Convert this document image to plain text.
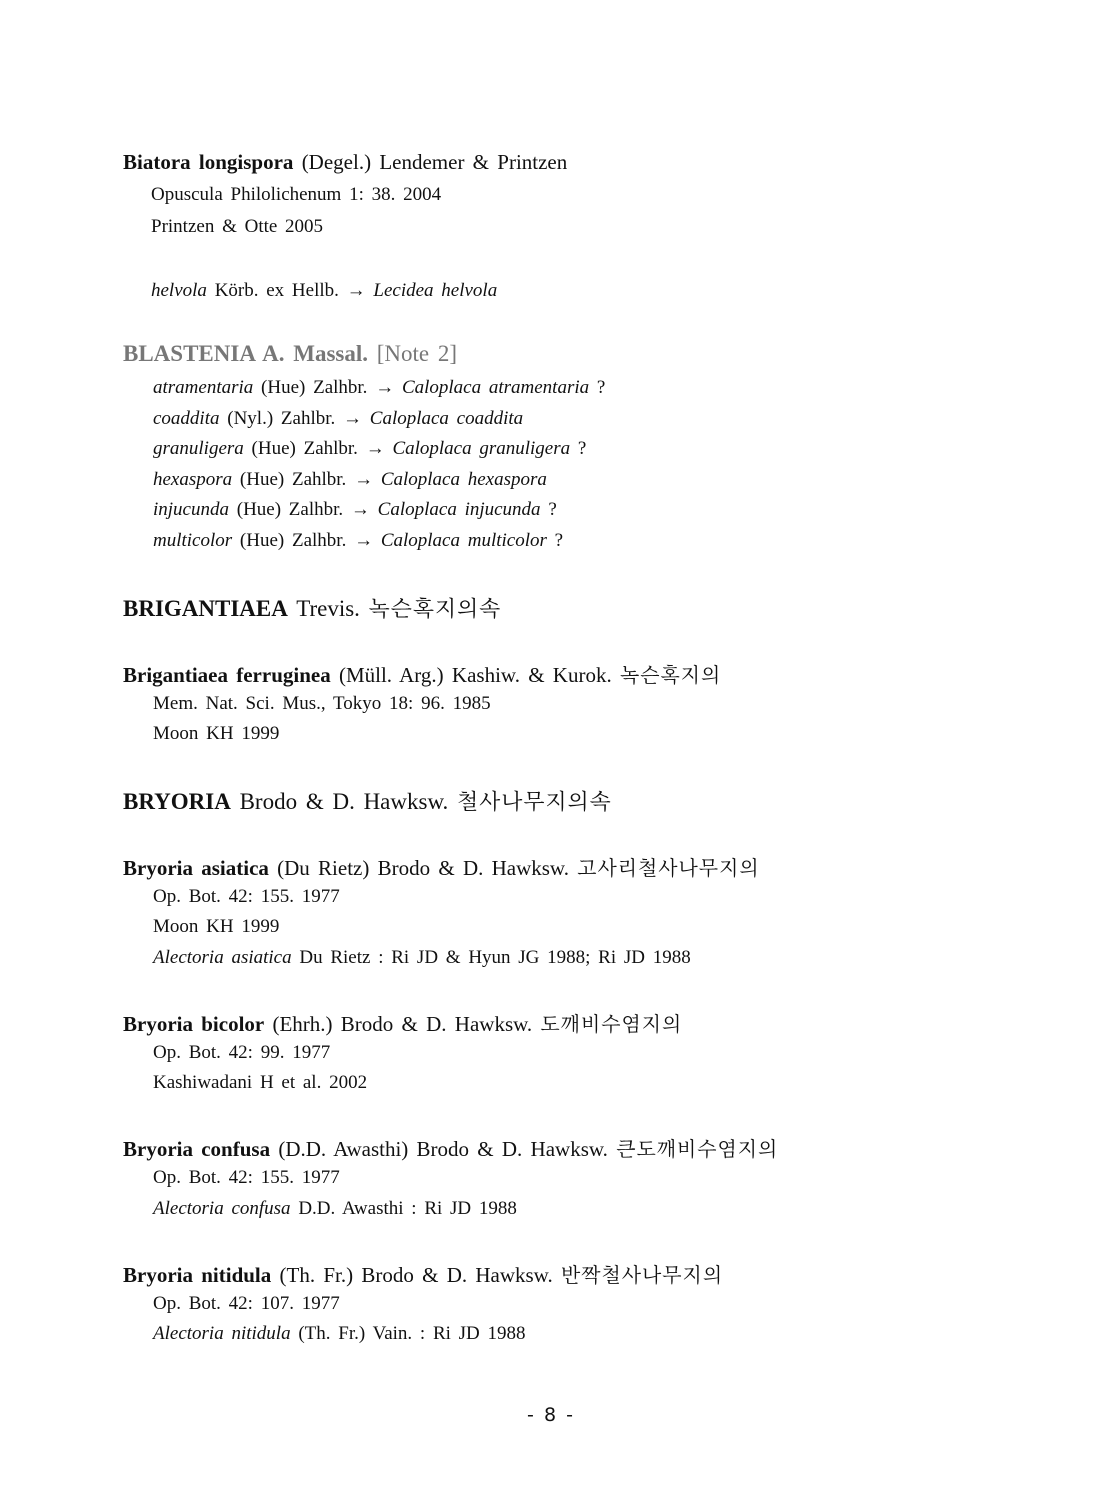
Biatora longispora (Degel.) Lendemer & Printzen
Opuscula Philolichenum 1: 38. 2004
Printzen & Otte 2005
helvola Körb. ex Hellb. → Lecidea helvola
BLASTENIA A. Massal. [Note 2]
atramentaria (Hue) Zalhbr. → Caloplaca atramentaria ?
coaddita (Nyl.) Zahlbr. → Caloplaca coaddita
granuligera (Hue) Zahlbr. → Caloplaca granuligera ?
hexaspora (Hue) Zahlbr. → Caloplaca hexaspora
injucunda (Hue) Zalhbr. → Caloplaca injucunda ?
multicolor (Hue) Zalhbr. → Caloplaca multicolor ?
BRIGANTIAEA Trevis. 녹슨혹지의속
Brigantiaea ferruginea (Müll. Arg.) Kashiw. & Kurok. 녹슨혹지의
Mem. Nat. Sci. Mus., Tokyo 18: 96. 1985
Moon KH 1999
BRYORIA Brodo & D. Hawksw. 철사나무지의속
Bryoria asiatica (Du Rietz) Brodo & D. Hawksw. 고사리철사나무지의
Op. Bot. 42: 155. 1977
Moon KH 1999
Alectoria asiatica Du Rietz : Ri JD & Hyun JG 1988; Ri JD 1988
Bryoria bicolor (Ehrh.) Brodo & D. Hawksw. 도깨비수염지의
Op. Bot. 42: 99. 1977
Kashiwadani H et al. 2002
Bryoria confusa (D.D. Awasthi) Brodo & D. Hawksw. 큰도깨비수염지의
Op. Bot. 42: 155. 1977
Alectoria confusa D.D. Awasthi : Ri JD 1988
Bryoria nitidula (Th. Fr.) Brodo & D. Hawksw. 반짝철사나무지의
Op. Bot. 42: 107. 1977
Alectoria nitidula (Th. Fr.) Vain. : Ri JD 1988
- 8 -
